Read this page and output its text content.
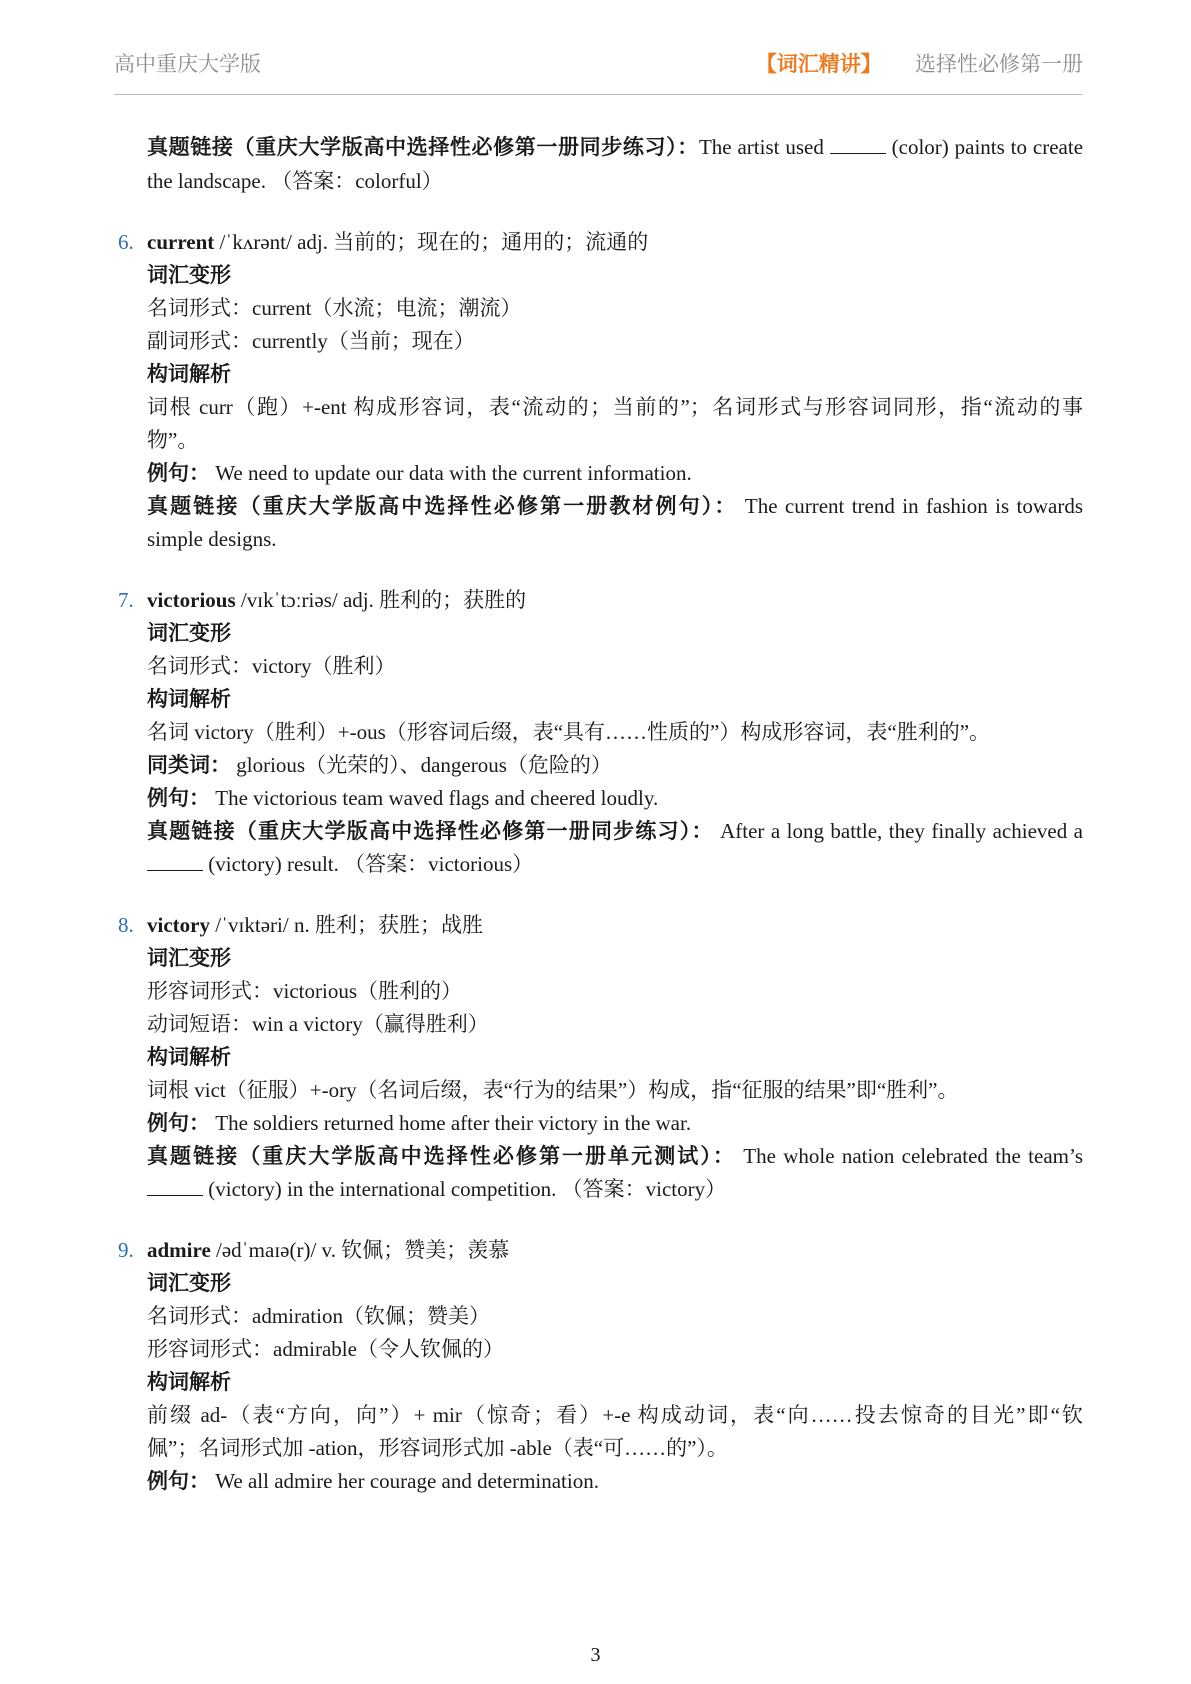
高中重庆大学版	【词汇精讲】 选择性必修第一册
真题链接（重庆大学版高中选择性必修第一册同步练习）：The artist used	(color) paints to create
the landscape. （答案：colorful）
6. current /ˈkʌrənt/ adj. 当前的；现在的；通用的；流通的
词汇变形
名词形式：current（水流；电流；潮流）
副词形式：currently（当前；现在）
构词解析
词根 curr（跑）+-ent 构成形容词，表“流动的；当前的”；名词形式与形容词同形，指“流动的事
物”。
例句： We need to update our data with the current information.
真题链接（重庆大学版高中选择性必修第一册教材例句）： The current trend in fashion is towards
simple designs.
7. victorious /vɪkˈtɔːriəs/ adj. 胜利的；获胜的
词汇变形
名词形式：victory（胜利）
构词解析
名词 victory（胜利）+-ous（形容词后缀，表“具有……性质的”）构成形容词，表“胜利的”。
同类词： glorious（光荣的）、dangerous（危险的）
例句： The victorious team waved flags and cheered loudly.
真题链接（重庆大学版高中选择性必修第一册同步练习）： After a long battle, they finally achieved a
(victory) result. （答案：victorious）
8. victory /ˈvɪktəri/ n. 胜利；获胜；战胜
词汇变形
形容词形式：victorious（胜利的）
动词短语：win a victory（赢得胜利）
构词解析
词根 vict（征服）+-ory（名词后缀，表“行为的结果”）构成，指“征服的结果”即“胜利”。
例句： The soldiers returned home after their victory in the war.
真题链接（重庆大学版高中选择性必修第一册单元测试）： The whole nation celebrated the team’s
(victory) in the international competition. （答案：victory）
9. admire /ədˈmaɪə(r)/ v. 钦佩；赞美；羡慕
词汇变形
名词形式：admiration（钦佩；赞美）
形容词形式：admirable（令人钦佩的）
构词解析
前缀 ad-（表“方向，向”）+ mir（惊奇；看）+-e 构成动词，表“向……投去惊奇的目光”即“钦
佩”；名词形式加 -ation，形容词形式加 -able（表“可……的”）。
例句： We all admire her courage and determination.
3
